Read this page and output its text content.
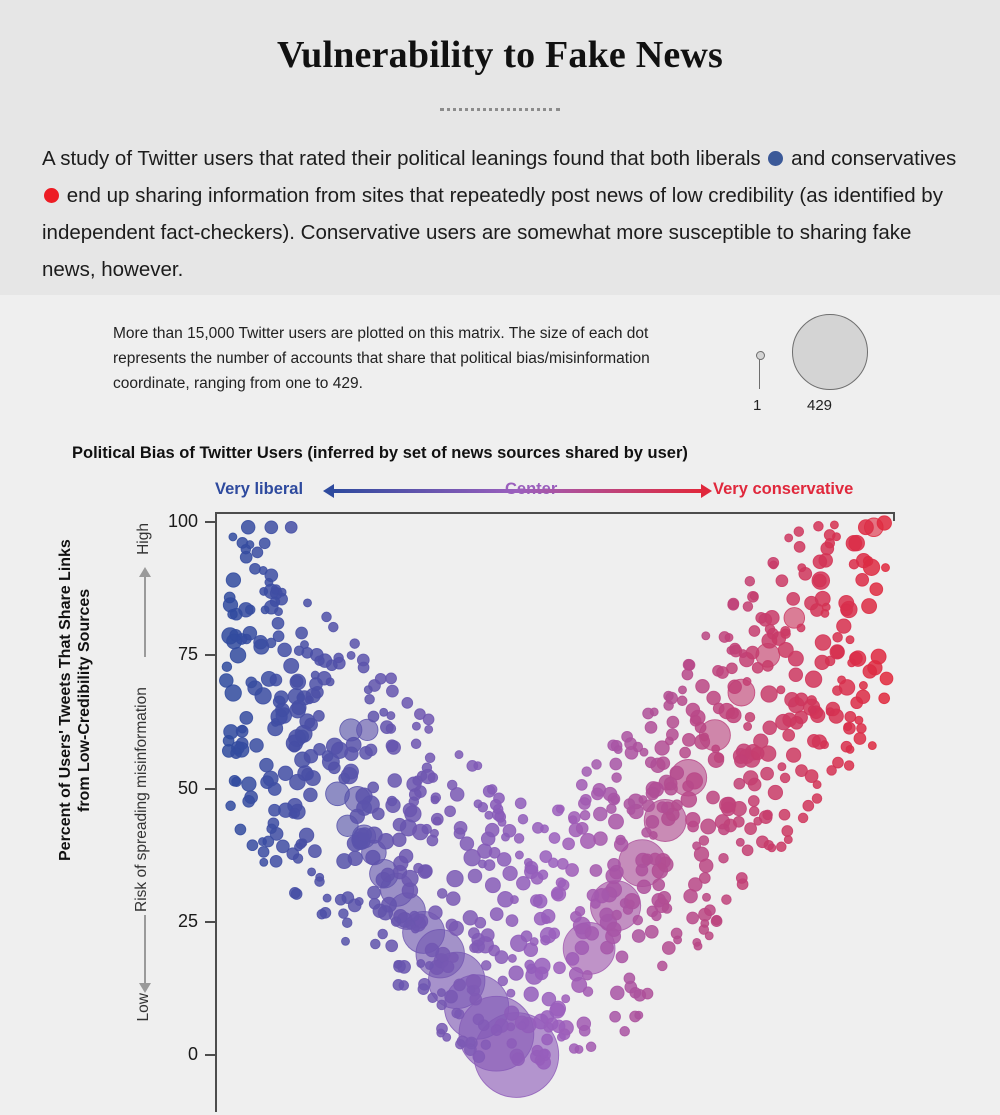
Vulnerability to Fake News
A study of Twitter users that rated their political leanings found that both liberals and conservatives  end up sharing information from sites that repeatedly post news of low credibility (as identified by independent fact-checkers). Conservative users are somewhat more susceptible to sharing fake news, however.
More than 15,000 Twitter users are plotted on this matrix. The size of each dot represents the number of accounts that share that political bias/misinformation coordinate, ranging from one to 429.
1	429
Political Bias of Twitter Users (inferred by set of news sources shared by user)
Very liberal	Very conservative
Percent of Users' Tweets That Share Links from Low-Credibility Sources
High
Risk of spreading misinformation
Low
0
25
50
75
100
